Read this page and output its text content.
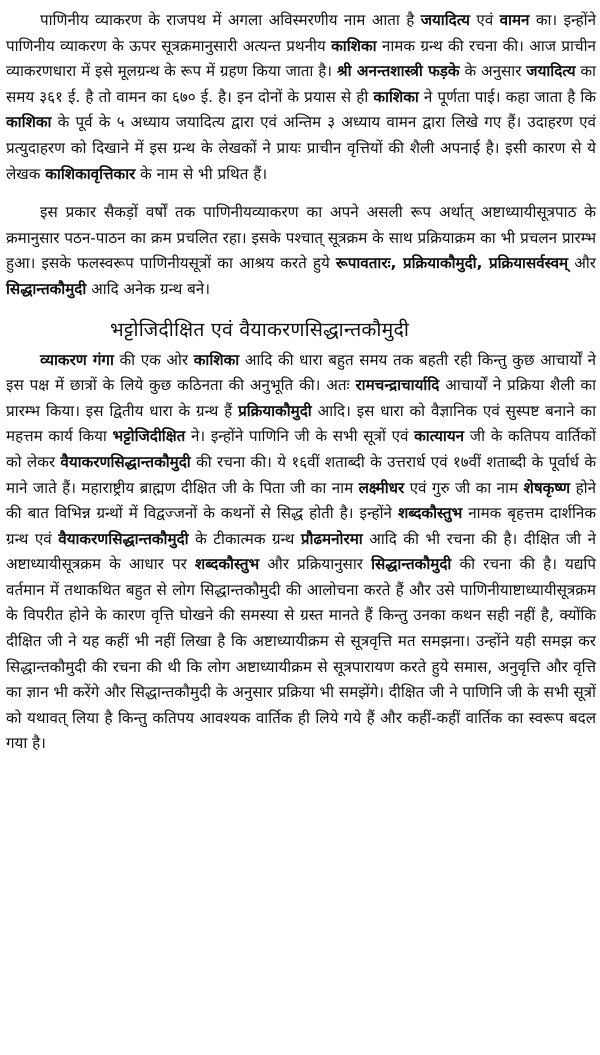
पाणिनीय व्याकरण के राजपथ में अगला अविस्मरणीय नाम आता है जयादित्य एवं वामन का। इन्होंने पाणिनीय व्याकरण के ऊपर सूत्रक्रमानुसारी अत्यन्त प्रथनीय काशिका नामक ग्रन्थ की रचना की। आज प्राचीन व्याकरणधारा में इसे मूलग्रन्थ के रूप में ग्रहण किया जाता है। श्री अनन्तशास्त्री फड़के के अनुसार जयादित्य का समय ३६१ ई. है तो वामन का ६७० ई. है। इन दोनों के प्रयास से ही काशिका ने पूर्णता पाई। कहा जाता है कि काशिका के पूर्व के ५ अध्याय जयादित्य द्वारा एवं अन्तिम ३ अध्याय वामन द्वारा लिखे गए हैं। उदाहरण एवं प्रत्युदाहरण को दिखाने में इस ग्रन्थ के लेखकों ने प्रायः प्राचीन वृत्तियों की शैली अपनाई है। इसी कारण से ये लेखक काशिकावृत्तिकार के नाम से भी प्रथित हैं।

इस प्रकार सैकड़ों वर्षों तक पाणिनीयव्याकरण का अपने असली रूप अर्थात् अष्टाध्यायीसूत्रपाठ के क्रमानुसार पठन-पाठन का क्रम प्रचलित रहा। इसके पश्चात् सूत्रक्रम के साथ प्रक्रियाक्रम का भी प्रचलन प्रारम्भ हुआ। इसके फलस्वरूप पाणिनीयसूत्रों का आश्रय करते हुये रूपावतारः, प्रक्रियाकौमुदी, प्रक्रियासर्वस्वम् और सिद्धान्तकौमुदी आदि अनेक ग्रन्थ बने।

भट्टोजिदीक्षित एवं वैयाकरणसिद्धान्तकौमुदी

व्याकरण गंगा की एक ओर काशिका आदि की धारा बहुत समय तक बहती रही किन्तु कुछ आचार्यों ने इस पक्ष में छात्रों के लिये कुछ कठिनता की अनुभूति की। अतः रामचन्द्राचार्यादि आचार्यों ने प्रक्रिया शैली का प्रारम्भ किया। इस द्वितीय धारा के ग्रन्थ हैं प्रक्रियाकौमुदी आदि। इस धारा को वैज्ञानिक एवं सुस्पष्ट बनाने का महत्तम कार्य किया भट्टोजिदीक्षित ने। इन्होंने पाणिनि जी के सभी सूत्रों एवं कात्यायन जी के कतिपय वार्तिकों को लेकर वैयाकरणसिद्धान्तकौमुदी की रचना की। ये १६वीं शताब्दी के उत्तरार्ध एवं १७वीं शताब्दी के पूर्वार्ध के माने जाते हैं। महाराष्ट्रीय ब्राह्मण दीक्षित जी के पिता जी का नाम लक्ष्मीधर एवं गुरु जी का नाम शेषकृष्ण होने की बात विभिन्न ग्रन्थों में विद्वज्जनों के कथनों से सिद्ध होती है। इन्होंने शब्दकौस्तुभ नामक बृहत्तम दार्शनिक ग्रन्थ एवं वैयाकरणसिद्धान्तकौमुदी के टीकात्मक ग्रन्थ प्रौढमनोरमा आदि की भी रचना की है। दीक्षित जी ने अष्टाध्यायीसूत्रक्रम के आधार पर शब्दकौस्तुभ और प्रक्रियानुसार सिद्धान्तकौमुदी की रचना की है। यद्यपि वर्तमान में तथाकथित बहुत से लोग सिद्धान्तकौमुदी की आलोचना करते हैं और उसे पाणिनीयाष्टाध्यायीसूत्रक्रम के विपरीत होने के कारण वृत्ति घोखने की समस्या से ग्रस्त मानते हैं किन्तु उनका कथन सही नहीं है, क्योंकि दीक्षित जी ने यह कहीं भी नहीं लिखा है कि अष्टाध्यायीक्रम से सूत्रवृत्ति मत समझना। उन्होंने यही समझ कर सिद्धान्तकौमुदी की रचना की थी कि लोग अष्टाध्यायीक्रम से सूत्रपारायण करते हुये समास, अनुवृत्ति और वृत्ति का ज्ञान भी करेंगे और सिद्धान्तकौमुदी के अनुसार प्रक्रिया भी समझेंगे। दीक्षित जी ने पाणिनि जी के सभी सूत्रों को यथावत् लिया है किन्तु कतिपय आवश्यक वार्तिक ही लिये गये हैं और कहीं-कहीं वार्तिक का स्वरूप बदल गया है।
